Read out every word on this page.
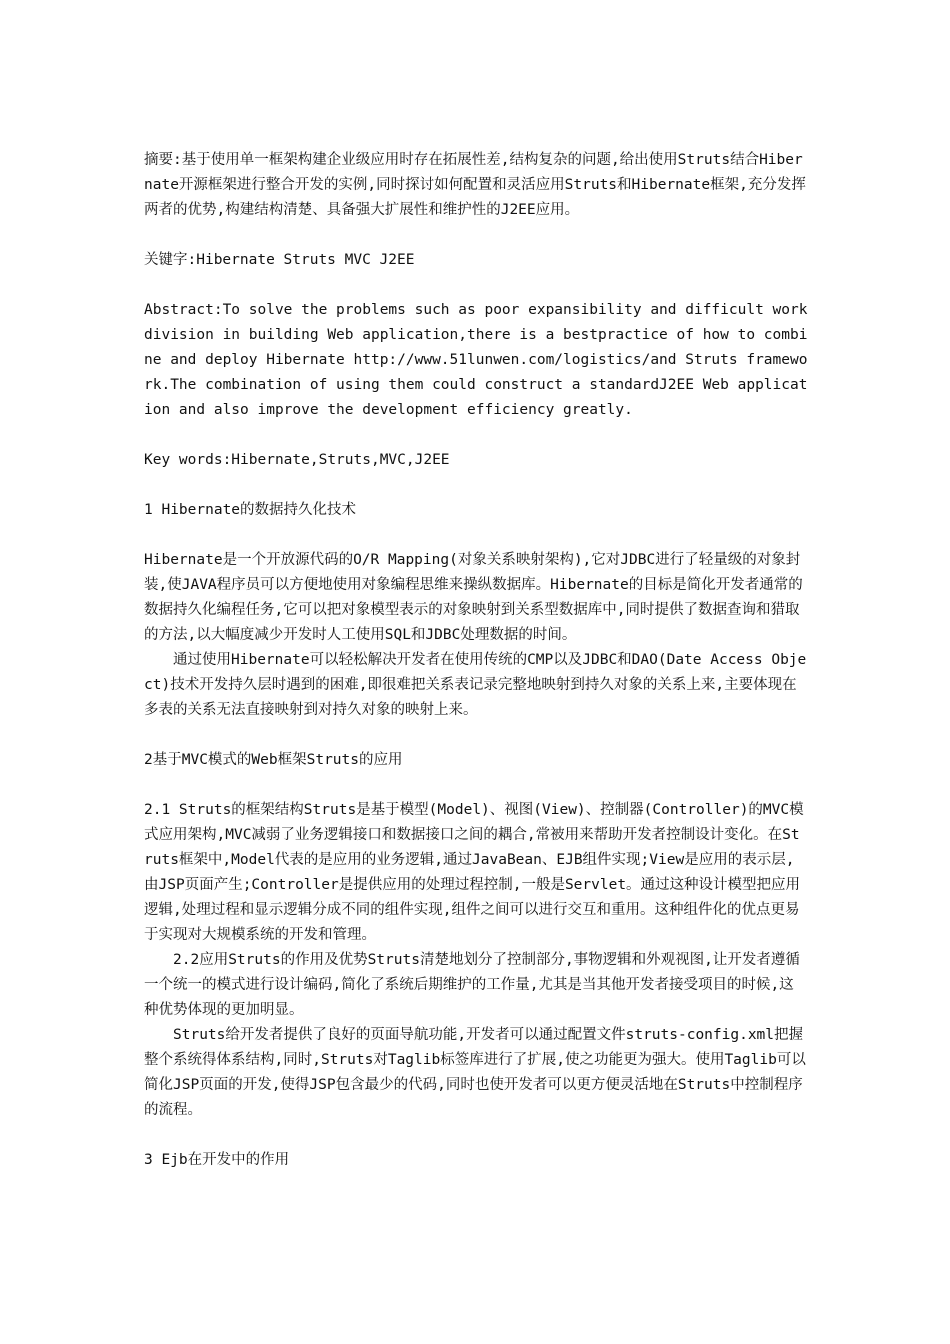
摘要:基于使用单一框架构建企业级应用时存在拓展性差,结构复杂的问题,给出使用Struts结合Hibernate开源框架进行整合开发的实例,同时探讨如何配置和灵活应用Struts和Hibernate框架,充分发挥两者的优势,构建结构清楚、具备强大扩展性和维护性的J2EE应用。

关键字:Hibernate Struts MVC J2EE

Abstract:To solve the problems such as poor expansibility and difficult work division in building Web application,there is a bestpractice of how to combine and deploy Hibernate http://www.51lunwen.com/logistics/and Struts framework.The combination of using them could construct a standardJ2EE Web application and also improve the development efficiency greatly.

Key words:Hibernate,Struts,MVC,J2EE

1 Hibernate的数据持久化技术

Hibernate是一个开放源代码的O/R Mapping(对象关系映射架构),它对JDBC进行了轻量级的对象封装,使JAVA程序员可以方便地使用对象编程思维来操纵数据库。Hibernate的目标是简化开发者通常的数据持久化编程任务,它可以把对象模型表示的对象映射到关系型数据库中,同时提供了数据查询和猎取的方法,以大幅度减少开发时人工使用SQL和JDBC处理数据的时间。

通过使用Hibernate可以轻松解决开发者在使用传统的CMP以及JDBC和DAO(Date Access Object)技术开发持久层时遇到的困难,即很难把关系表记录完整地映射到持久对象的关系上来,主要体现在多表的关系无法直接映射到对持久对象的映射上来。

2基于MVC模式的Web框架Struts的应用

2.1 Struts的框架结构Struts是基于模型(Model)、视图(View)、控制器(Controller)的MVC模式应用架构,MVC减弱了业务逻辑接口和数据接口之间的耦合,常被用来帮助开发者控制设计变化。在Struts框架中,Model代表的是应用的业务逻辑,通过JavaBean、EJB组件实现;View是应用的表示层,由JSP页面产生;Controller是提供应用的处理过程控制,一般是Servlet。通过这种设计模型把应用逻辑,处理过程和显示逻辑分成不同的组件实现,组件之间可以进行交互和重用。这种组件化的优点更易于实现对大规模系统的开发和管理。

2.2应用Struts的作用及优势Struts清楚地划分了控制部分,事物逻辑和外观视图,让开发者遵循一个统一的模式进行设计编码,简化了系统后期维护的工作量,尤其是当其他开发者接受项目的时候,这种优势体现的更加明显。

Struts给开发者提供了良好的页面导航功能,开发者可以通过配置文件struts-config.xml把握整个系统得体系结构,同时,Struts对Taglib标签库进行了扩展,使之功能更为强大。使用Taglib可以简化JSP页面的开发,使得JSP包含最少的代码,同时也使开发者可以更方便灵活地在Struts中控制程序的流程。

3 Ejb在开发中的作用
